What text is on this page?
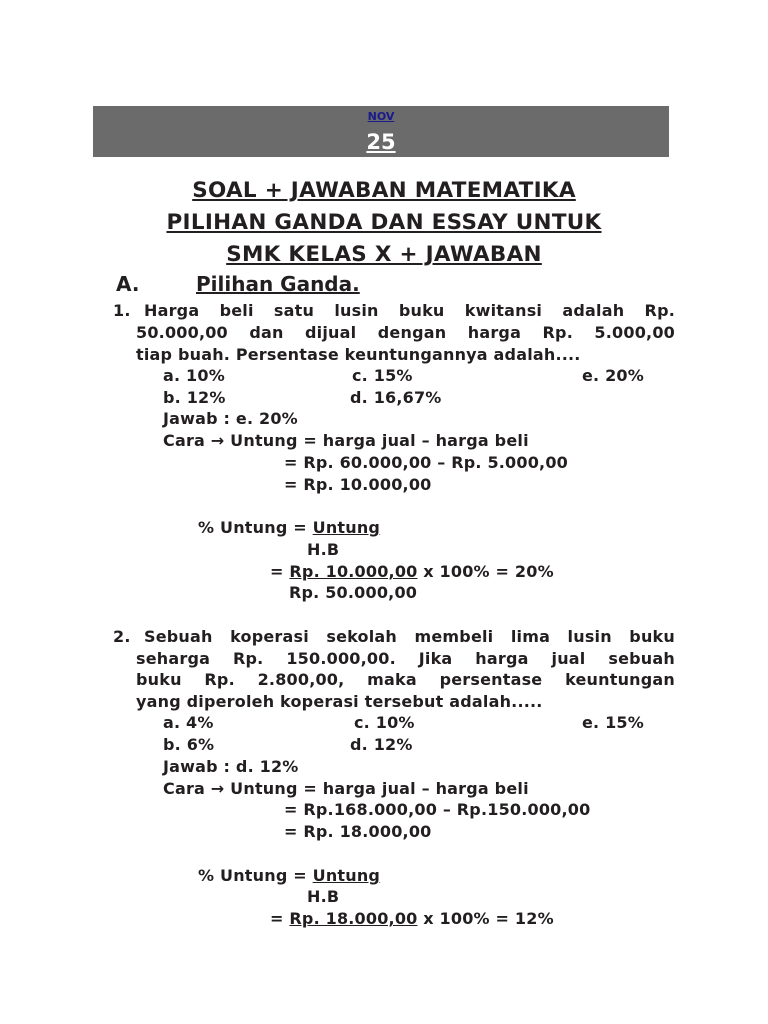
NOV
25
SOAL + JAWABAN MATEMATIKA
PILIHAN GANDA DAN ESSAY UNTUK
SMK KELAS X + JAWABAN
A.	Pilihan Ganda.
1. Harga beli satu lusin buku kwitansi adalah Rp.
50.000,00 dan dijual dengan harga Rp. 5.000,00
tiap buah. Persentase keuntungannya adalah....
a. 10%	c. 15%	e. 20%
b. 12%	d. 16,67%
Jawab : e. 20%
Cara → Untung = harga jual – harga beli
= Rp. 60.000,00 – Rp. 5.000,00
= Rp. 10.000,00
% Untung = Untung
H.B
= Rp. 10.000,00 x 100% = 20%
Rp. 50.000,00
2. Sebuah koperasi sekolah membeli lima lusin buku
seharga Rp. 150.000,00. Jika harga jual sebuah
buku Rp. 2.800,00, maka persentase keuntungan
yang diperoleh koperasi tersebut adalah.....
a. 4%	c. 10%	e. 15%
b. 6%	d. 12%
Jawab : d. 12%
Cara → Untung = harga jual – harga beli
= Rp.168.000,00 – Rp.150.000,00
= Rp. 18.000,00
% Untung = Untung
H.B
= Rp. 18.000,00 x 100% = 12%
